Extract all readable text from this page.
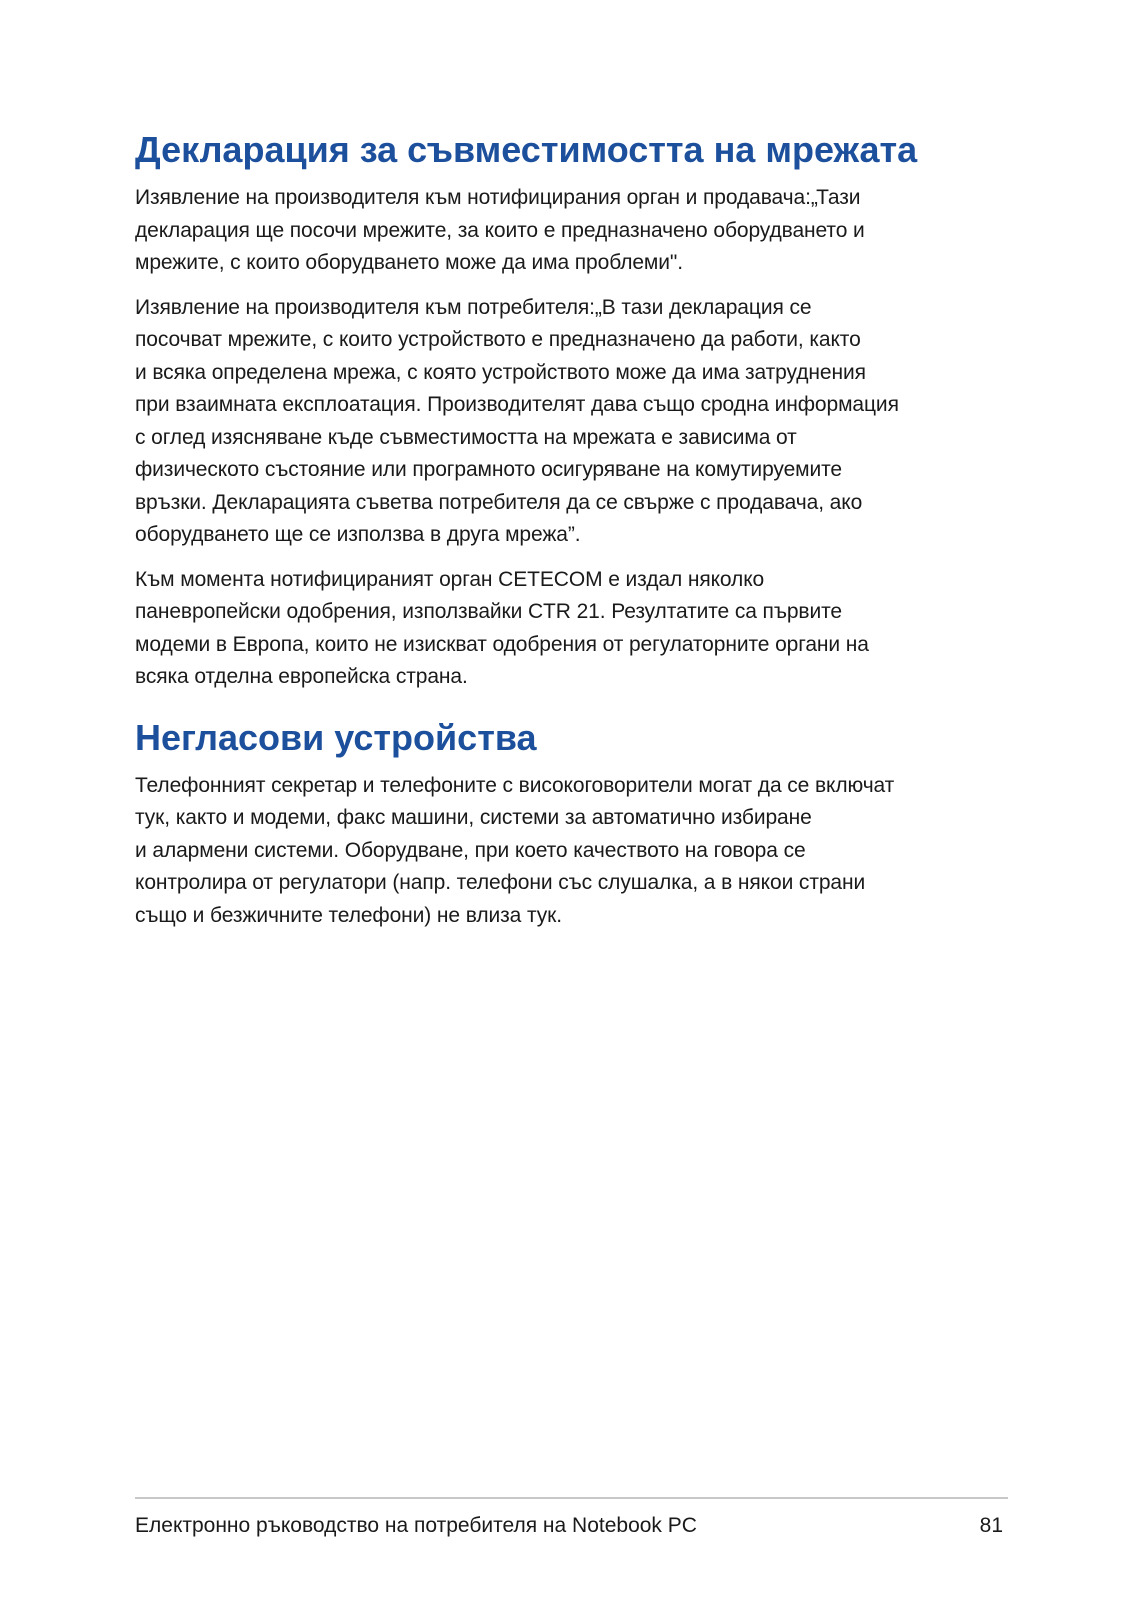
Декларация за съвместимостта на мрежата

Изявление на производителя към нотифицирания орган и продавача:„Тази
декларация ще посочи мрежите, за които е предназначено оборудването и
мрежите, с които оборудването може да има проблеми".

Изявление на производителя към потребителя:„В тази декларация се
посочват мрежите, с които устройството е предназначено да работи, както
и всяка определена мрежа, с която устройството може да има затруднения
при взаимната експлоатация. Производителят дава също сродна информация
с оглед изясняване къде съвместимостта на мрежата е зависима от
физическото състояние или програмното осигуряване на комутируемите
връзки. Декларацията съветва потребителя да се свърже с продавача, ако
оборудването ще се използва в друга мрежа”.

Към момента нотифицираният орган CETECOM е издал няколко
паневропейски одобрения, използвайки CTR 21. Резултатите са първите
модеми в Европа, които не изискват одобрения от регулаторните органи на
всяка отделна европейска страна.

Негласови устройства

Телефонният секретар и телефоните с високоговорители могат да се включат
тук, както и модеми, факс машини, системи за автоматично избиране
и алармени системи. Оборудване, при което качеството на говора се
контролира от регулатори (напр. телефони със слушалка, а в някои страни
също и безжичните телефони) не влиза тук.

Електронно ръководство на потребителя на Notebook PC	81
